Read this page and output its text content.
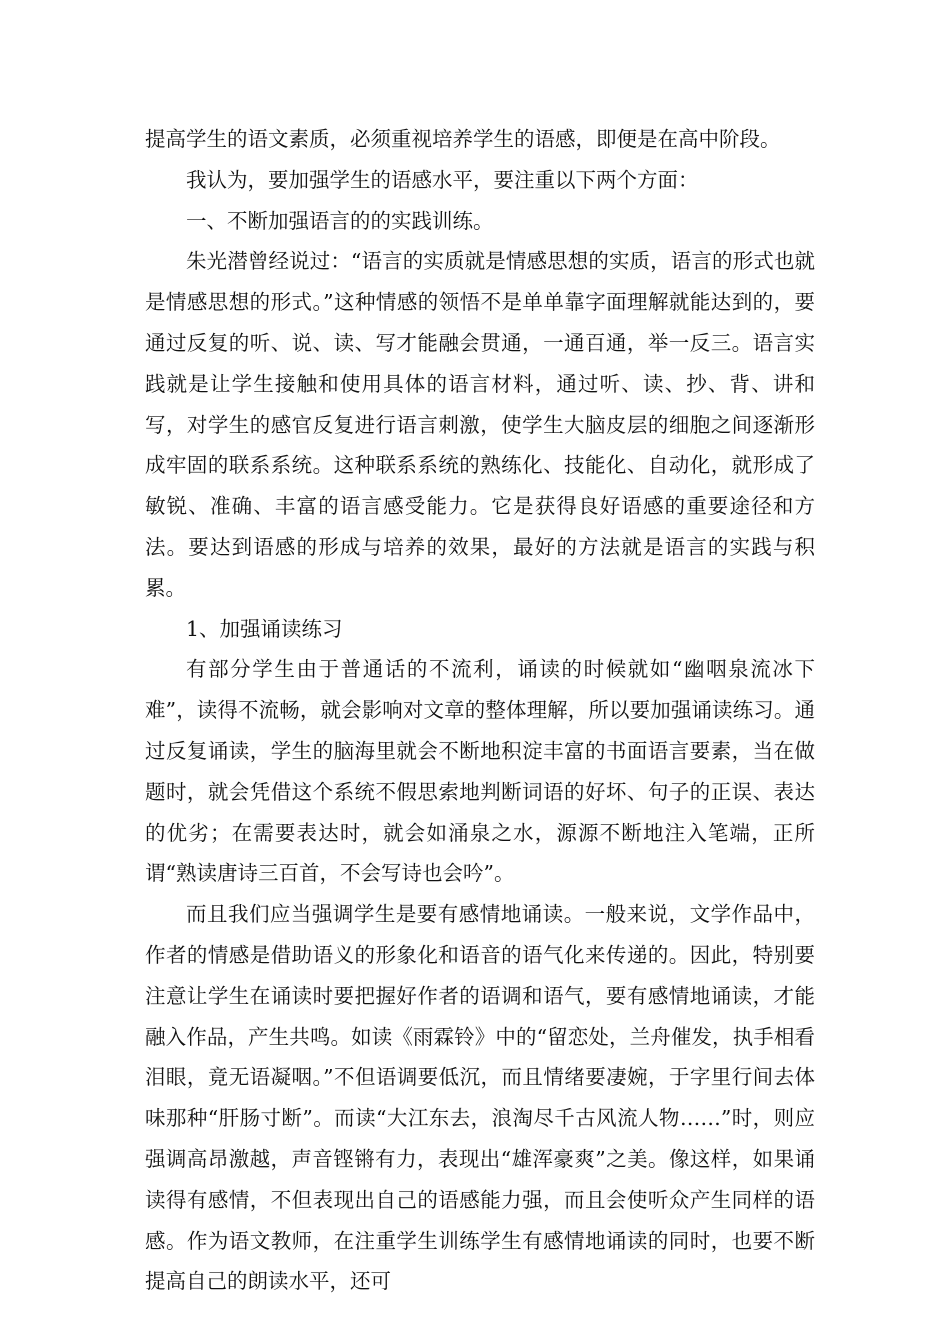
提高学生的语文素质，必须重视培养学生的语感，即便是在高中阶段。

我认为，要加强学生的语感水平，要注重以下两个方面：

一、不断加强语言的的实践训练。

朱光潜曾经说过：“语言的实质就是情感思想的实质，语言的形式也就是情感思想的形式。”这种情感的领悟不是单单靠字面理解就能达到的，要通过反复的听、说、读、写才能融会贯通，一通百通，举一反三。语言实践就是让学生接触和使用具体的语言材料，通过听、读、抄、背、讲和写，对学生的感官反复进行语言刺激，使学生大脑皮层的细胞之间逐渐形成牢固的联系系统。这种联系系统的熟练化、技能化、自动化，就形成了敏锐、准确、丰富的语言感受能力。它是获得良好语感的重要途径和方法。要达到语感的形成与培养的效果，最好的方法就是语言的实践与积累。

1、加强诵读练习

有部分学生由于普通话的不流利，诵读的时候就如“幽咽泉流冰下难”，读得不流畅，就会影响对文章的整体理解，所以要加强诵读练习。通过反复诵读，学生的脑海里就会不断地积淀丰富的书面语言要素，当在做题时，就会凭借这个系统不假思索地判断词语的好坏、句子的正误、表达的优劣；在需要表达时，就会如涌泉之水，源源不断地注入笔端，正所谓“熟读唐诗三百首，不会写诗也会吟”。

而且我们应当强调学生是要有感情地诵读。一般来说，文学作品中，作者的情感是借助语义的形象化和语音的语气化来传递的。因此，特别要注意让学生在诵读时要把握好作者的语调和语气，要有感情地诵读，才能融入作品，产生共鸣。如读《雨霖铃》中的“留恋处，兰舟催发，执手相看泪眼，竟无语凝咽。”不但语调要低沉，而且情绪要凄婉，于字里行间去体味那种“肝肠寸断”。而读“大江东去，浪淘尽千古风流人物……”时，则应强调高昂激越，声音铿锵有力，表现出“雄浑豪爽”之美。像这样，如果诵读得有感情，不但表现出自己的语感能力强，而且会使听众产生同样的语感。作为语文教师，在注重学生训练学生有感情地诵读的同时，也要不断提高自己的朗读水平，还可
